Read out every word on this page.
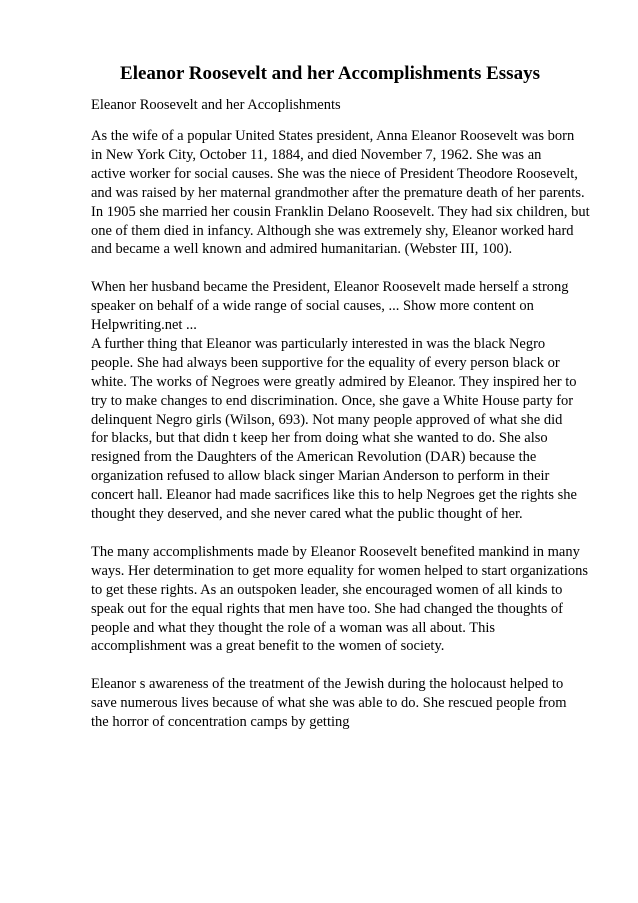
Eleanor Roosevelt and her Accomplishments Essays

Eleanor Roosevelt and her Accoplishments

As the wife of a popular United States president, Anna Eleanor Roosevelt was born
in New York City, October 11, 1884, and died November 7, 1962. She was an
active worker for social causes. She was the niece of President Theodore Roosevelt,
and was raised by her maternal grandmother after the premature death of her parents.
In 1905 she married her cousin Franklin Delano Roosevelt. They had six children, but
one of them died in infancy. Although she was extremely shy, Eleanor worked hard
and became a well known and admired humanitarian. (Webster III, 100).

When her husband became the President, Eleanor Roosevelt made herself a strong
speaker on behalf of a wide range of social causes, ... Show more content on
Helpwriting.net ...

A further thing that Eleanor was particularly interested in was the black Negro
people. She had always been supportive for the equality of every person black or
white. The works of Negroes were greatly admired by Eleanor. They inspired her to
try to make changes to end discrimination. Once, she gave a White House party for
delinquent Negro girls (Wilson, 693). Not many people approved of what she did
for blacks, but that didn t keep her from doing what she wanted to do. She also
resigned from the Daughters of the American Revolution (DAR) because the
organization refused to allow black singer Marian Anderson to perform in their
concert hall. Eleanor had made sacrifices like this to help Negroes get the rights she
thought they deserved, and she never cared what the public thought of her.

The many accomplishments made by Eleanor Roosevelt benefited mankind in many
ways. Her determination to get more equality for women helped to start organizations
to get these rights. As an outspoken leader, she encouraged women of all kinds to
speak out for the equal rights that men have too. She had changed the thoughts of
people and what they thought the role of a woman was all about. This
accomplishment was a great benefit to the women of society.

Eleanor s awareness of the treatment of the Jewish during the holocaust helped to
save numerous lives because of what she was able to do. She rescued people from
the horror of concentration camps by getting
